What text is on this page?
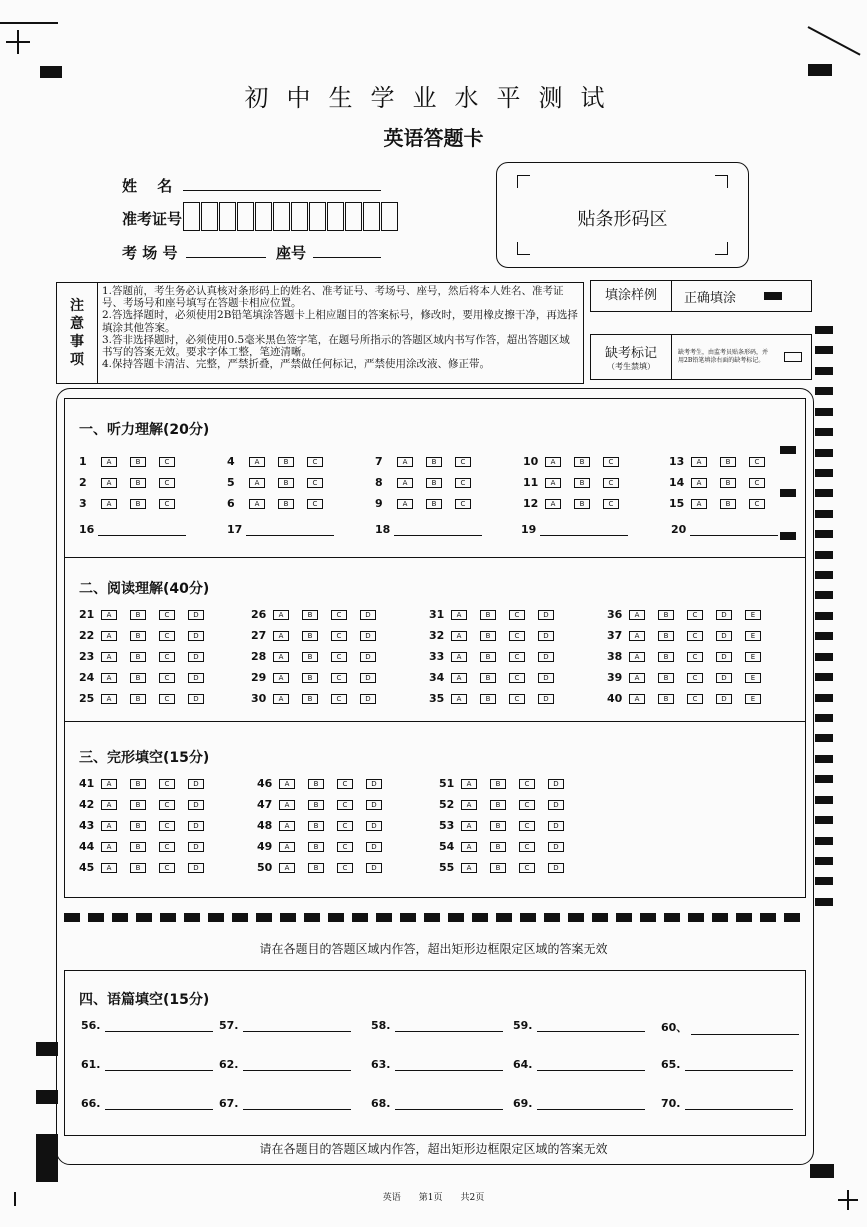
初中生学业水平测试
英语答题卡
姓　 名
准考证号
考 场 号	座号
贴条形码区
注
意
事
项
1.答题前，考生务必认真核对条形码上的姓名、准考证号、考场号、座号，然后将本人姓名、准考证号、考场号和座号填写在答题卡相应位置。
2.答选择题时，必须使用2B铅笔填涂答题卡上相应题目的答案标号，修改时，要用橡皮擦干净，再选择填涂其他答案。
3.答非选择题时，必须使用0.5毫米黑色签字笔，在题号所指示的答题区域内书写作答，超出答题区域书写的答案无效。要求字体工整，笔迹清晰。
4.保持答题卡清洁、完整，严禁折叠，严禁做任何标记，严禁使用涂改液、修正带。
填涂样例	正确填涂
缺考标记
（考生禁填）
缺考考生，由监考员贴条形码，并用2B铅笔填涂右面的缺考标记。
一、听力理解(20分)
1	A	B	C
2	A	B	C
3	A	B	C
4	A	B	C
5	A	B	C
6	A	B	C
7	A	B	C
8	A	B	C
9	A	B	C
10	A	B	C
11	A	B	C
12	A	B	C
13	A	B	C
14	A	B	C
15	A	B	C
16	17	18	19	20
二、阅读理解(40分)
21	A	B	C	D
22	A	B	C	D
23	A	B	C	D
24	A	B	C	D
25	A	B	C	D
26	A	B	C	D
27	A	B	C	D
28	A	B	C	D
29	A	B	C	D
30	A	B	C	D
31	A	B	C	D
32	A	B	C	D
33	A	B	C	D
34	A	B	C	D
35	A	B	C	D
36	A	B	C	D	E
37	A	B	C	D	E
38	A	B	C	D	E
39	A	B	C	D	E
40	A	B	C	D	E
三、完形填空(15分)
41	A	B	C	D
42	A	B	C	D
43	A	B	C	D
44	A	B	C	D
45	A	B	C	D
46	A	B	C	D
47	A	B	C	D
48	A	B	C	D
49	A	B	C	D
50	A	B	C	D
51	A	B	C	D
52	A	B	C	D
53	A	B	C	D
54	A	B	C	D
55	A	B	C	D
请在各题目的答题区域内作答，超出矩形边框限定区域的答案无效
四、语篇填空(15分)
56.	57.	58.	59.	60、
61.	62.	63.	64.	65.
66.	67.	68.	69.	70.
请在各题目的答题区域内作答，超出矩形边框限定区域的答案无效
英语　　第1页　　共2页
